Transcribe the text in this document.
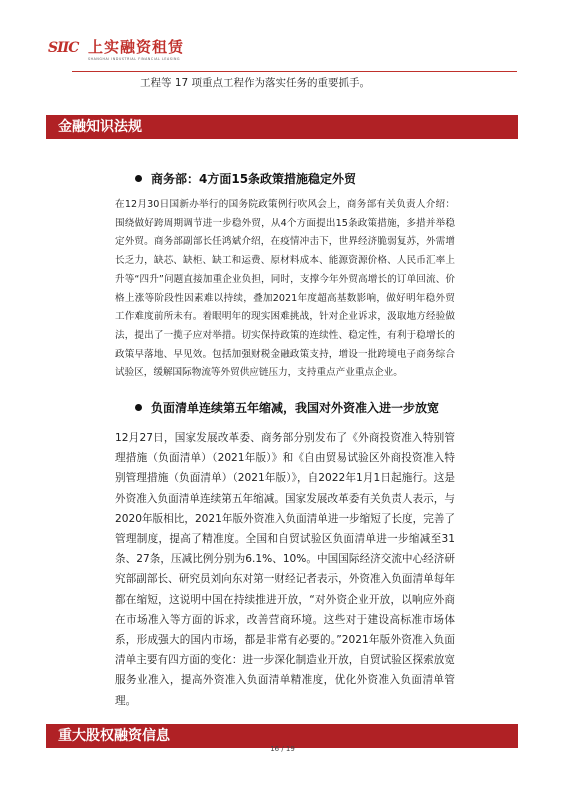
SIIC 上实融资租赁
SHANGHAI INDUSTRIAL FINANCIAL LEASING
工程等 17 项重点工程作为落实任务的重要抓手。
金融知识法规
商务部：4方面15条政策措施稳定外贸

在12月30日国新办举行的国务院政策例行吹风会上，商务部有关负责人介绍：围绕做好跨周期调节进一步稳外贸，从4个方面提出15条政策措施，多措并举稳定外贸。商务部副部长任鸿斌介绍，在疫情冲击下，世界经济脆弱复苏，外需增长乏力，缺芯、缺柜、缺工和运费、原材料成本、能源资源价格、人民币汇率上升等“四升”问题直接加重企业负担，同时，支撑今年外贸高增长的订单回流、价格上涨等阶段性因素难以持续，叠加2021年度超高基数影响，做好明年稳外贸工作难度前所未有。着眼明年的现实困难挑战，针对企业诉求，汲取地方经验做法，提出了一揽子应对举措。切实保持政策的连续性、稳定性，有利于稳增长的政策早落地、早见效。包括加强财税金融政策支持，增设一批跨境电子商务综合试验区，缓解国际物流等外贸供应链压力，支持重点产业重点企业。

负面清单连续第五年缩减，我国对外资准入进一步放宽

12月27日，国家发展改革委、商务部分别发布了《外商投资准入特别管理措施（负面清单）（2021年版）》和《自由贸易试验区外商投资准入特别管理措施（负面清单）（2021年版）》，自2022年1月1日起施行。这是外资准入负面清单连续第五年缩减。国家发展改革委有关负责人表示，与2020年版相比，2021年版外资准入负面清单进一步缩短了长度，完善了管理制度，提高了精准度。全国和自贸试验区负面清单进一步缩减至31条、27条，压减比例分别为6.1%、10%。中国国际经济交流中心经济研究部副部长、研究员刘向东对第一财经记者表示，外资准入负面清单每年都在缩短，这说明中国在持续推进开放，“对外资企业开放，以响应外商在市场准入等方面的诉求，改善营商环境。这些对于建设高标准市场体系，形成强大的国内市场，都是非常有必要的。”2021年版外资准入负面清单主要有四方面的变化：进一步深化制造业开放，自贸试验区探索放宽服务业准入，提高外资准入负面清单精准度，优化外资准入负面清单管理。

重大股权融资信息
16 / 19
